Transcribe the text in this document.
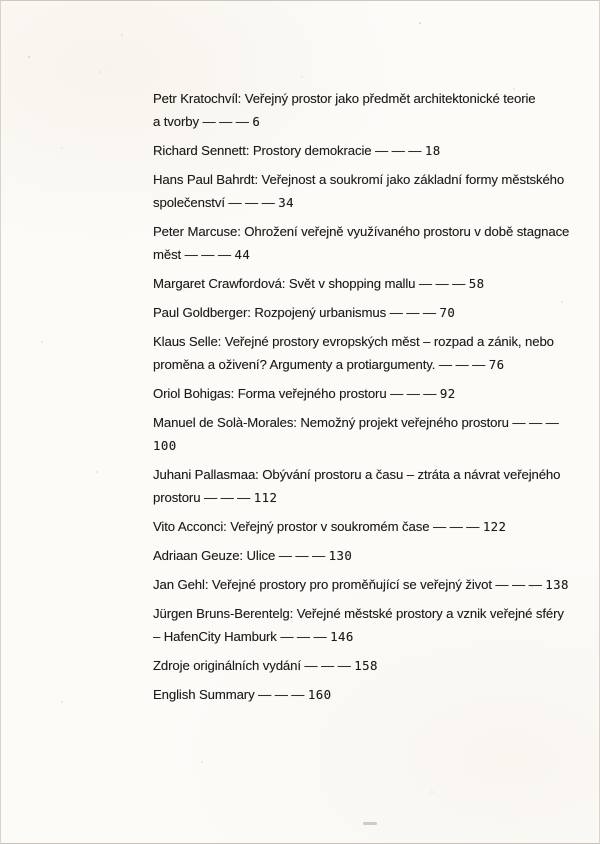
Petr Kratochvíl: Veřejný prostor jako předmět architektonické teorie
a tvorby — — — 6

Richard Sennett: Prostory demokracie — — — 18

Hans Paul Bahrdt: Veřejnost a soukromí jako základní formy městského
společenství — — — 34

Peter Marcuse: Ohrožení veřejně využívaného prostoru v době stagnace
měst — — — 44

Margaret Crawfordová: Svět v shopping mallu — — — 58

Paul Goldberger: Rozpojený urbanismus — — — 70

Klaus Selle: Veřejné prostory evropských měst – rozpad a zánik, nebo
proměna a oživení? Argumenty a protiargumenty. — — — 76

Oriol Bohigas: Forma veřejného prostoru — — — 92

Manuel de Solà-Morales: Nemožný projekt veřejného prostoru — — —
100

Juhani Pallasmaa: Obývání prostoru a času – ztráta a návrat veřejného
prostoru — — — 112

Vito Acconci: Veřejný prostor v soukromém čase — — — 122

Adriaan Geuze: Ulice — — — 130

Jan Gehl: Veřejné prostory pro proměňující se veřejný život — — — 138

Jürgen Bruns-Berentelg: Veřejné městské prostory a vznik veřejné sféry
– HafenCity Hamburk — — — 146

Zdroje originálních vydání — — — 158

English Summary — — — 160
